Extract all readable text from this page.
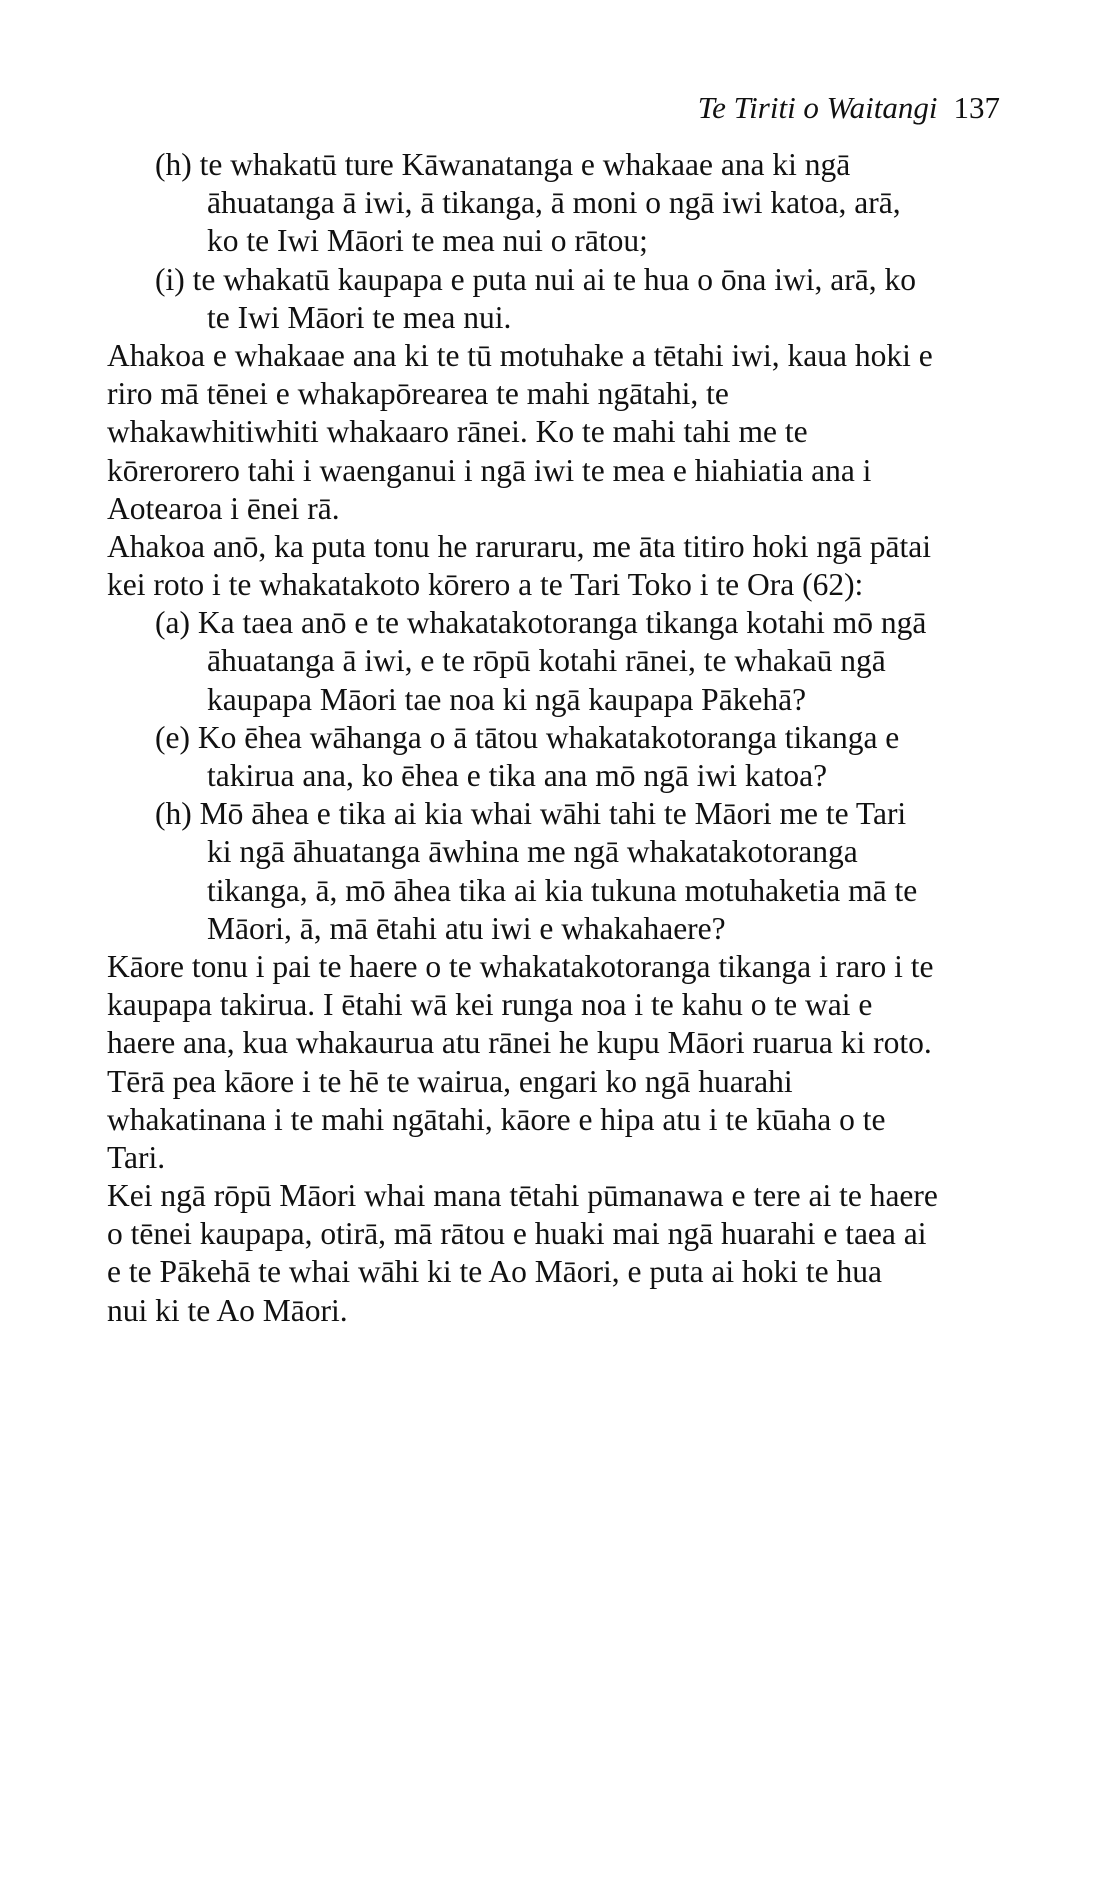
Te Tiriti o Waitangi 137
(h) te whakatū ture Kāwanatanga e whakaae ana ki ngā
āhuatanga ā iwi, ā tikanga, ā moni o ngā iwi katoa, arā,
ko te Iwi Māori te mea nui o rātou;
(i) te whakatū kaupapa e puta nui ai te hua o ōna iwi, arā, ko
te Iwi Māori te mea nui.
Ahakoa e whakaae ana ki te tū motuhake a tētahi iwi, kaua hoki e
riro mā tēnei e whakapōrearea te mahi ngātahi, te
whakawhitiwhiti whakaaro rānei. Ko te mahi tahi me te
kōrerorero tahi i waenganui i ngā iwi te mea e hiahiatia ana i
Aotearoa i ēnei rā.
Ahakoa anō, ka puta tonu he raruraru, me āta titiro hoki ngā pātai
kei roto i te whakatakoto kōrero a te Tari Toko i te Ora (62):
(a) Ka taea anō e te whakatakotoranga tikanga kotahi mō ngā
āhuatanga ā iwi, e te rōpū kotahi rānei, te whakaū ngā
kaupapa Māori tae noa ki ngā kaupapa Pākehā?
(e) Ko ēhea wāhanga o ā tātou whakatakotoranga tikanga e
takirua ana, ko ēhea e tika ana mō ngā iwi katoa?
(h) Mō āhea e tika ai kia whai wāhi tahi te Māori me te Tari
ki ngā āhuatanga āwhina me ngā whakatakotoranga
tikanga, ā, mō āhea tika ai kia tukuna motuhaketia mā te
Māori, ā, mā ētahi atu iwi e whakahaere?
Kāore tonu i pai te haere o te whakatakotoranga tikanga i raro i te
kaupapa takirua. I ētahi wā kei runga noa i te kahu o te wai e
haere ana, kua whakaurua atu rānei he kupu Māori ruarua ki roto.
Tērā pea kāore i te hē te wairua, engari ko ngā huarahi
whakatinana i te mahi ngātahi, kāore e hipa atu i te kūaha o te
Tari.
Kei ngā rōpū Māori whai mana tētahi pūmanawa e tere ai te haere
o tēnei kaupapa, otirā, mā rātou e huaki mai ngā huarahi e taea ai
e te Pākehā te whai wāhi ki te Ao Māori, e puta ai hoki te hua
nui ki te Ao Māori.
